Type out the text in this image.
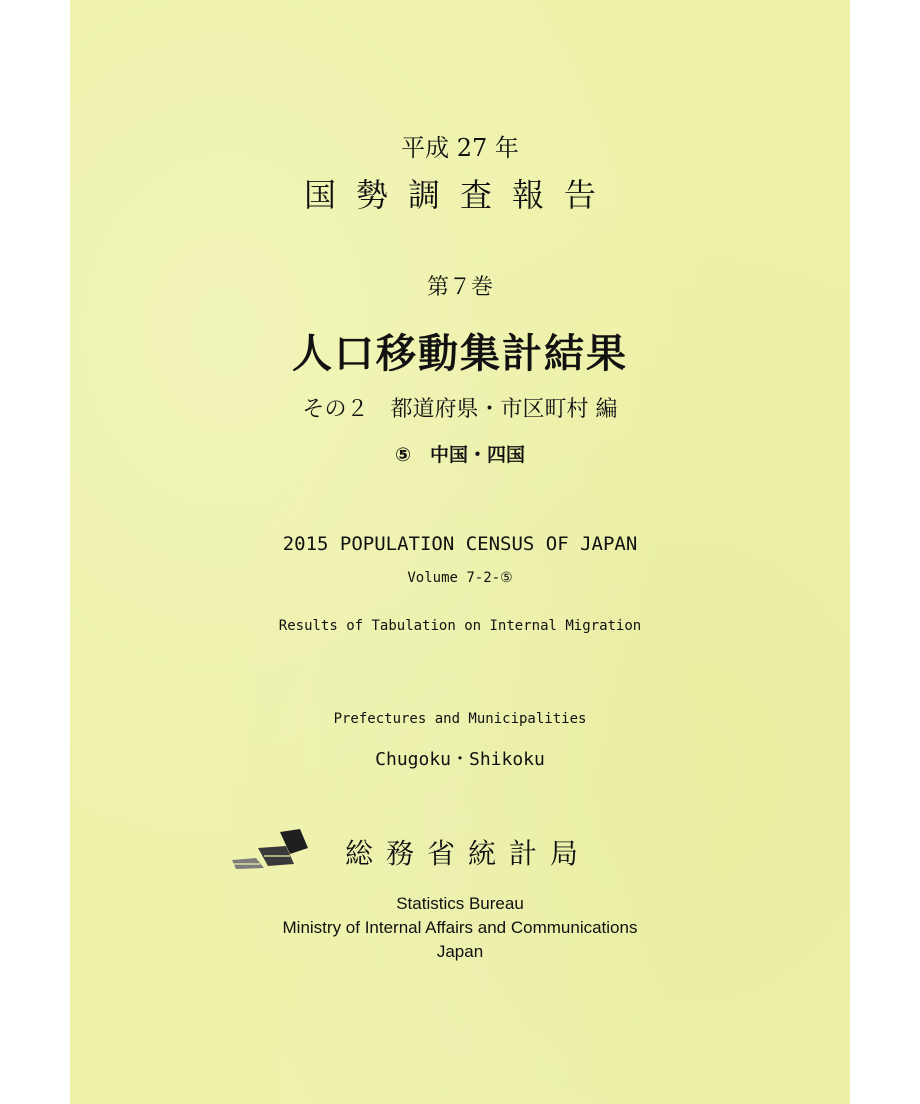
平成 27 年
国勢調査報告
第７巻
人口移動集計結果
その２　都道府県・市区町村 編
⑤　中国・四国
2015 POPULATION CENSUS OF JAPAN
Volume 7-2-⑤
Results of Tabulation on Internal Migration
Prefectures and Municipalities
Chugoku・Shikoku
総務省統計局
Statistics Bureau
Ministry of Internal Affairs and Communications
Japan
